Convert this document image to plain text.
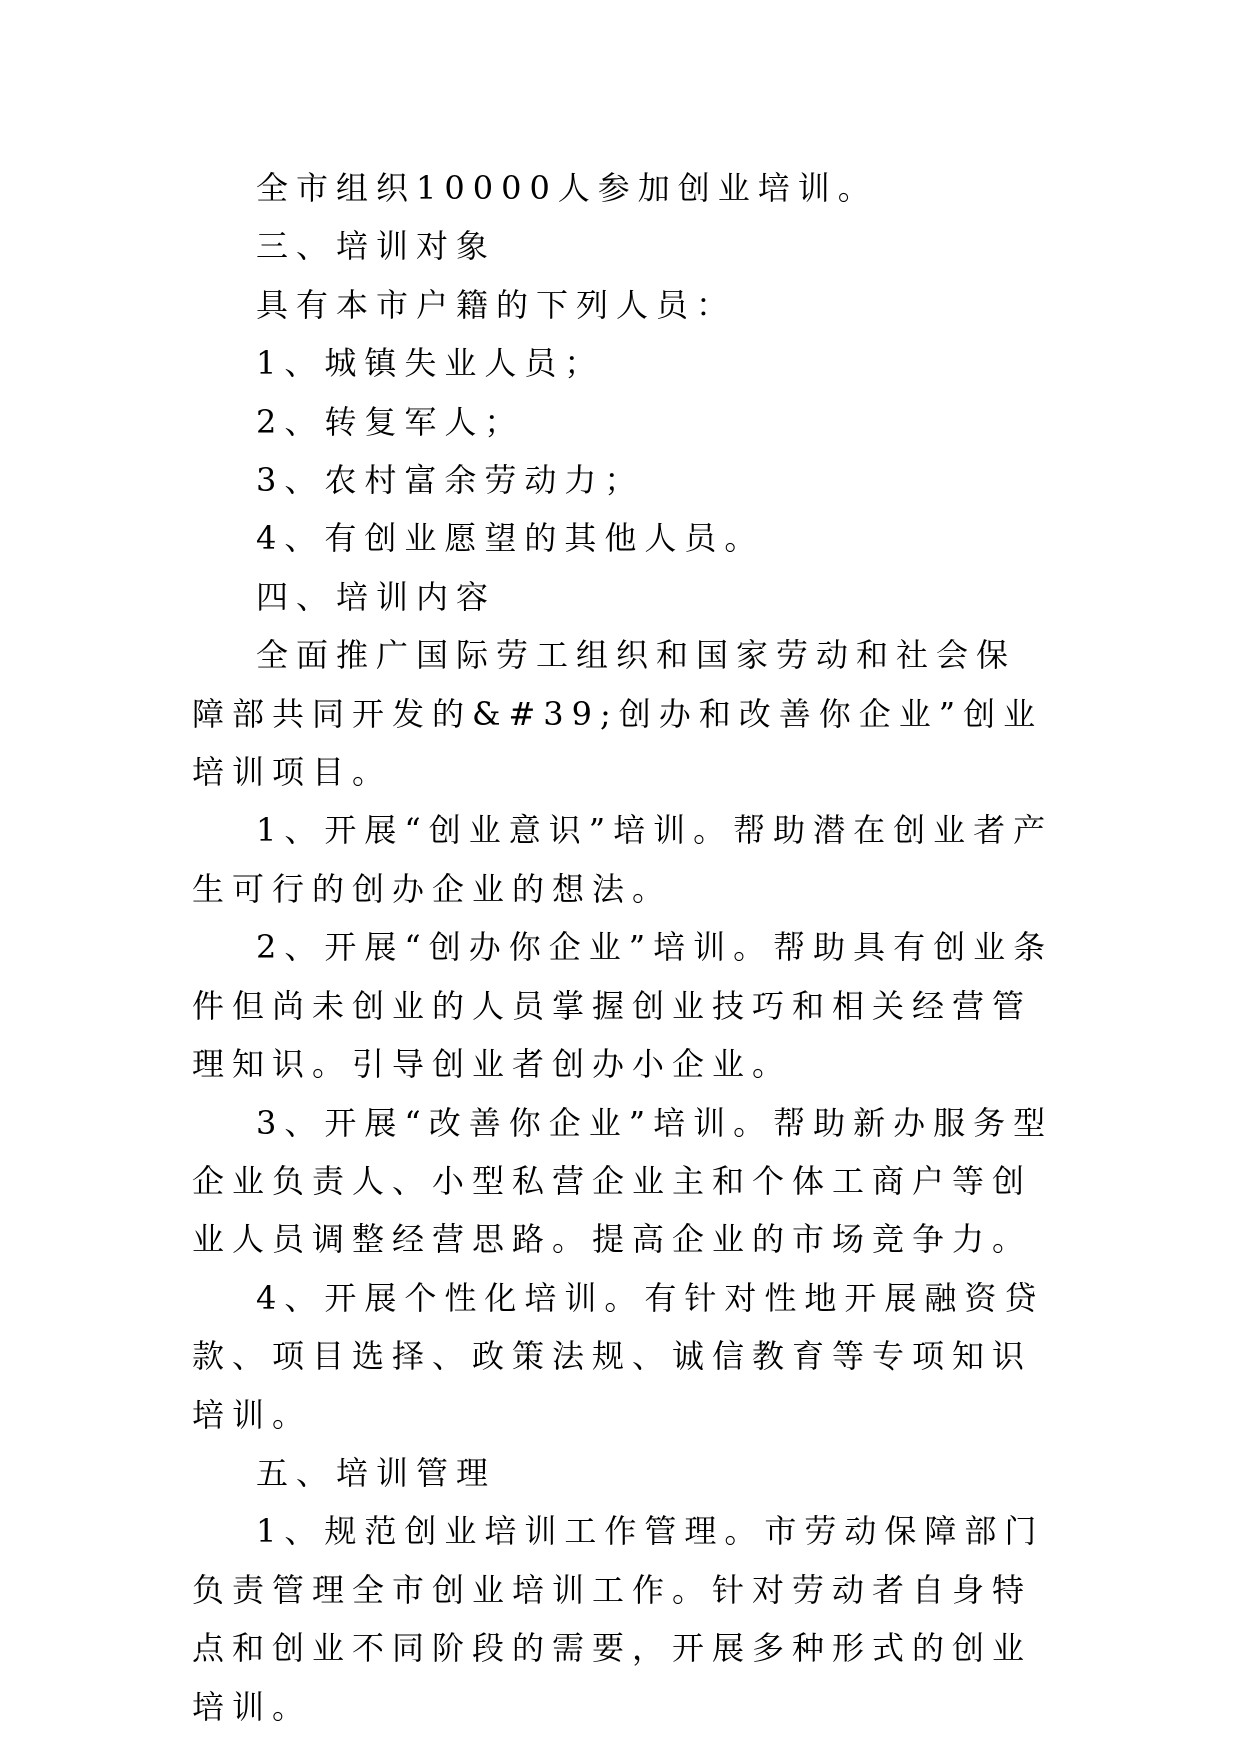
全市组织10000人参加创业培训。

三、培训对象

具有本市户籍的下列人员：

1、城镇失业人员；

2、转复军人；

3、农村富余劳动力；

4、有创业愿望的其他人员。

四、培训内容

全面推广国际劳工组织和国家劳动和社会保障部共同开发的&#39;创办和改善你企业”创业培训项目。

1、开展“创业意识”培训。帮助潜在创业者产生可行的创办企业的想法。

2、开展“创办你企业”培训。帮助具有创业条件但尚未创业的人员掌握创业技巧和相关经营管理知识。引导创业者创办小企业。

3、开展“改善你企业”培训。帮助新办服务型企业负责人、小型私营企业主和个体工商户等创业人员调整经营思路。提高企业的市场竞争力。

4、开展个性化培训。有针对性地开展融资贷款、项目选择、政策法规、诚信教育等专项知识培训。

五、培训管理

1、规范创业培训工作管理。市劳动保障部门负责管理全市创业培训工作。针对劳动者自身特点和创业不同阶段的需要，开展多种形式的创业培训。
